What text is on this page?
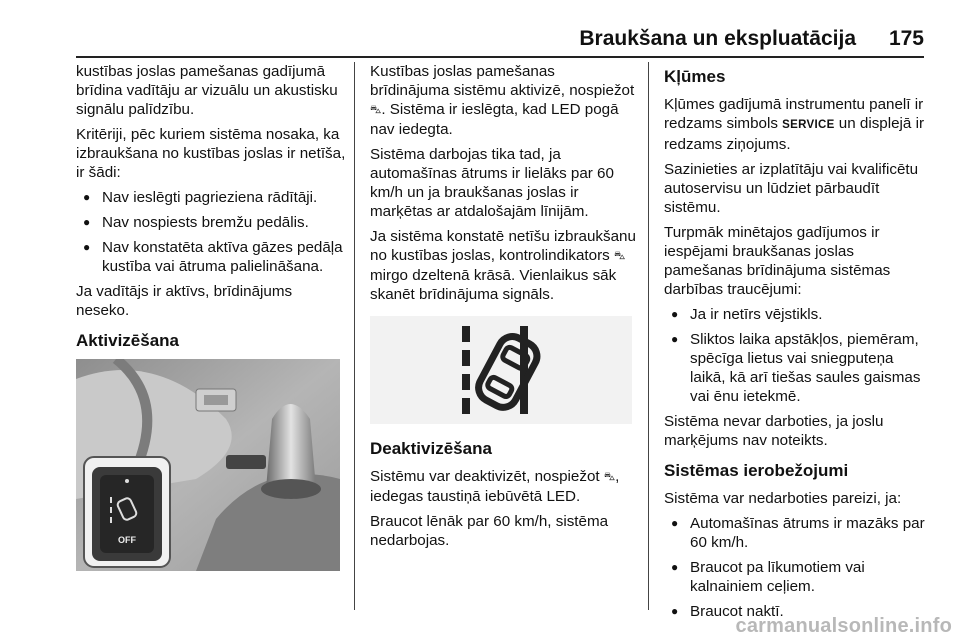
Braukšana un ekspluatācija 175

kustības joslas pamešanas gadījumā brīdina vadītāju ar vizuālu un akustisku signālu palīdzību.

Kritēriji, pēc kuriem sistēma nosaka, ka izbraukšana no kustības joslas ir netīša, ir šādi:

● Nav ieslēgti pagrieziena rādītāji.
● Nav nospiests bremžu pedālis.
● Nav konstatēta aktīva gāzes pedāļa kustība vai ātruma palielināšana.

Ja vadītājs ir aktīvs, brīdinājums neseko.

Aktivizēšana
OFF

Kustības joslas pamešanas brīdinājuma sistēmu aktivizē, nospiežot ⛍. Sistēma ir ieslēgta, kad LED pogā nav iedegta.

Sistēma darbojas tika tad, ja automašīnas ātrums ir lielāks par 60 km/h un ja braukšanas joslas ir marķētas ar atdalošajām līnijām.

Ja sistēma konstatē netīšu izbraukšanu no kustības joslas, kontrolindikators ⛍ mirgo dzeltenā krāsā. Vienlaikus sāk skanēt brīdinājuma signāls.

Deaktivizēšana

Sistēmu var deaktivizēt, nospiežot ⛍, iedegas taustiņā iebūvētā LED.

Braucot lēnāk par 60 km/h, sistēma nedarbojas.

Kļūmes

Kļūmes gadījumā instrumentu panelī ir redzams simbols SERVICE un displejā ir redzams ziņojums.

Sazinieties ar izplatītāju vai kvalificētu autoservisu un lūdziet pārbaudīt sistēmu.

Turpmāk minētajos gadījumos ir iespējami braukšanas joslas pamešanas brīdinājuma sistēmas darbības traucējumi:

● Ja ir netīrs vējstikls.
● Sliktos laika apstākļos, piemēram, spēcīga lietus vai sniegputeņa laikā, kā arī tiešas saules gaismas vai ēnu ietekmē.

Sistēma nevar darboties, ja joslu marķējums nav noteikts.

Sistēmas ierobežojumi

Sistēma var nedarboties pareizi, ja:

● Automašīnas ātrums ir mazāks par 60 km/h.
● Braucot pa līkumotiem vai kalnainiem ceļiem.
● Braucot naktī.
carmanualsonline.info
